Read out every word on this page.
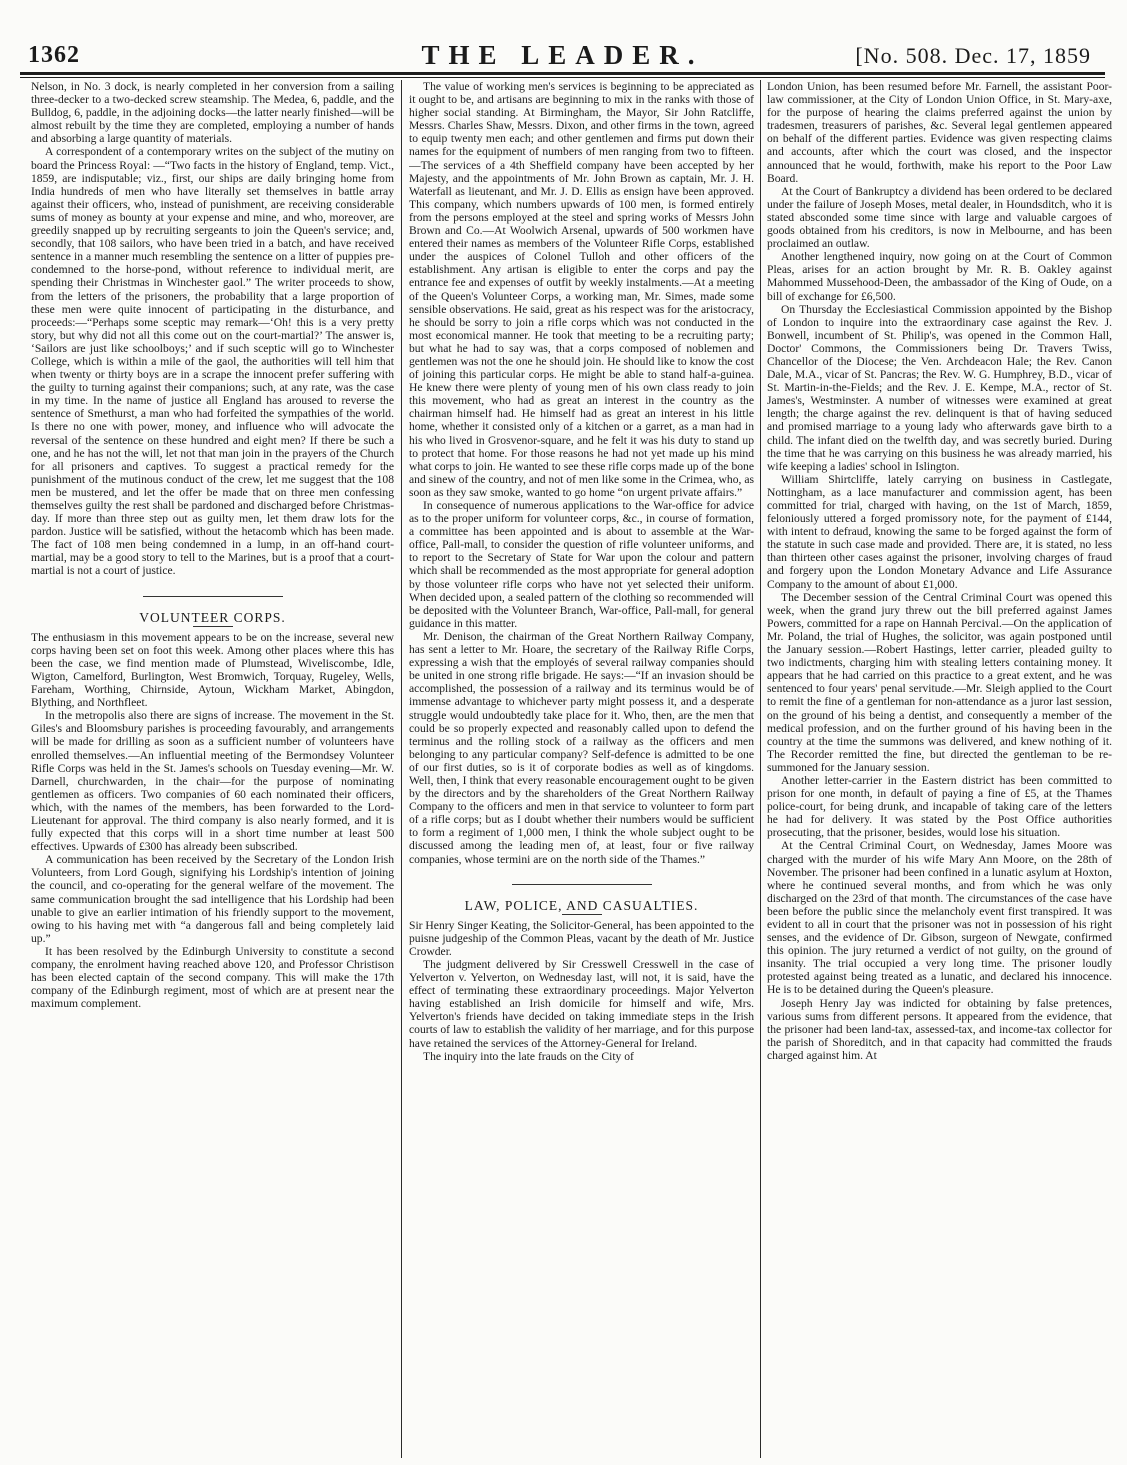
1362	THE LEADER.	[No. 508. Dec. 17, 1859

Nelson, in No. 3 dock, is nearly completed in her conversion from a sailing three-decker to a two-decked screw steamship. The Medea, 6, paddle, and the Bulldog, 6, paddle, in the adjoining docks—the latter nearly finished—will be almost rebuilt by the time they are completed, employing a number of hands and absorbing a large quantity of materials.

A correspondent of a contemporary writes on the subject of the mutiny on board the Princess Royal: —“Two facts in the history of England, temp. Vict., 1859, are indisputable; viz., first, our ships are daily bringing home from India hundreds of men who have literally set themselves in battle array against their officers, who, instead of punishment, are receiving considerable sums of money as bounty at your expense and mine, and who, moreover, are greedily snapped up by recruiting sergeants to join the Queen's service; and, secondly, that 108 sailors, who have been tried in a batch, and have received sentence in a manner much resembling the sentence on a litter of puppies pre-condemned to the horse-pond, without reference to individual merit, are spending their Christmas in Winchester gaol.” The writer proceeds to show, from the letters of the prisoners, the probability that a large proportion of these men were quite innocent of participating in the disturbance, and proceeds:—“Perhaps some sceptic may remark—‘Oh! this is a very pretty story, but why did not all this come out on the court-martial?’ The answer is, ‘Sailors are just like schoolboys;’ and if such sceptic will go to Winchester College, which is within a mile of the gaol, the authorities will tell him that when twenty or thirty boys are in a scrape the innocent prefer suffering with the guilty to turning against their companions; such, at any rate, was the case in my time. In the name of justice all England has aroused to reverse the sentence of Smethurst, a man who had forfeited the sympathies of the world. Is there no one with power, money, and influence who will advocate the reversal of the sentence on these hundred and eight men? If there be such a one, and he has not the will, let not that man join in the prayers of the Church for all prisoners and captives. To suggest a practical remedy for the punishment of the mutinous conduct of the crew, let me suggest that the 108 men be mustered, and let the offer be made that on three men confessing themselves guilty the rest shall be pardoned and discharged before Christmas-day. If more than three step out as guilty men, let them draw lots for the pardon. Justice will be satisfied, without the hetacomb which has been made. The fact of 108 men being condemned in a lump, in an off-hand court-martial, may be a good story to tell to the Marines, but is a proof that a court-martial is not a court of justice.

VOLUNTEER CORPS.

The enthusiasm in this movement appears to be on the increase, several new corps having been set on foot this week. Among other places where this has been the case, we find mention made of Plumstead, Wiveliscombe, Idle, Wigton, Camelford, Burlington, West Bromwich, Torquay, Rugeley, Wells, Fareham, Worthing, Chirnside, Aytoun, Wickham Market, Abingdon, Blything, and Northfleet.

In the metropolis also there are signs of increase. The movement in the St. Giles's and Bloomsbury parishes is proceeding favourably, and arrangements will be made for drilling as soon as a sufficient number of volunteers have enrolled themselves.—An influential meeting of the Bermondsey Volunteer Rifle Corps was held in the St. James's schools on Tuesday evening—Mr. W. Darnell, churchwarden, in the chair—for the purpose of nominating gentlemen as officers. Two companies of 60 each nominated their officers, which, with the names of the members, has been forwarded to the Lord-Lieutenant for approval. The third company is also nearly formed, and it is fully expected that this corps will in a short time number at least 500 effectives. Upwards of £300 has already been subscribed.

A communication has been received by the Secretary of the London Irish Volunteers, from Lord Gough, signifying his Lordship's intention of joining the council, and co-operating for the general welfare of the movement. The same communication brought the sad intelligence that his Lordship had been unable to give an earlier intimation of his friendly support to the movement, owing to his having met with “a dangerous fall and being completely laid up.”

It has been resolved by the Edinburgh University to constitute a second company, the enrolment having reached above 120, and Professor Christison has been elected captain of the second company. This will make the 17th company of the Edinburgh regiment, most of which are at present near the maximum complement.

The value of working men's services is beginning to be appreciated as it ought to be, and artisans are beginning to mix in the ranks with those of higher social standing. At Birmingham, the Mayor, Sir John Ratcliffe, Messrs. Charles Shaw, Messrs. Dixon, and other firms in the town, agreed to equip twenty men each; and other gentlemen and firms put down their names for the equipment of numbers of men ranging from two to fifteen.—The services of a 4th Sheffield company have been accepted by her Majesty, and the appointments of Mr. John Brown as captain, Mr. J. H. Waterfall as lieutenant, and Mr. J. D. Ellis as ensign have been approved. This company, which numbers upwards of 100 men, is formed entirely from the persons employed at the steel and spring works of Messrs John Brown and Co.—At Woolwich Arsenal, upwards of 500 workmen have entered their names as members of the Volunteer Rifle Corps, established under the auspices of Colonel Tulloh and other officers of the establishment. Any artisan is eligible to enter the corps and pay the entrance fee and expenses of outfit by weekly instalments.—At a meeting of the Queen's Volunteer Corps, a working man, Mr. Simes, made some sensible observations. He said, great as his respect was for the aristocracy, he should be sorry to join a rifle corps which was not conducted in the most economical manner. He took that meeting to be a recruiting party; but what he had to say was, that a corps composed of noblemen and gentlemen was not the one he should join. He should like to know the cost of joining this particular corps. He might be able to stand half-a-guinea. He knew there were plenty of young men of his own class ready to join this movement, who had as great an interest in the country as the chairman himself had. He himself had as great an interest in his little home, whether it consisted only of a kitchen or a garret, as a man had in his who lived in Grosvenor-square, and he felt it was his duty to stand up to protect that home. For those reasons he had not yet made up his mind what corps to join. He wanted to see these rifle corps made up of the bone and sinew of the country, and not of men like some in the Crimea, who, as soon as they saw smoke, wanted to go home “on urgent private affairs.”

In consequence of numerous applications to the War-office for advice as to the proper uniform for volunteer corps, &c., in course of formation, a committee has been appointed and is about to assemble at the War-office, Pall-mall, to consider the question of rifle volunteer uniforms, and to report to the Secretary of State for War upon the colour and pattern which shall be recommended as the most appropriate for general adoption by those volunteer rifle corps who have not yet selected their uniform. When decided upon, a sealed pattern of the clothing so recommended will be deposited with the Volunteer Branch, War-office, Pall-mall, for general guidance in this matter.

Mr. Denison, the chairman of the Great Northern Railway Company, has sent a letter to Mr. Hoare, the secretary of the Railway Rifle Corps, expressing a wish that the employés of several railway companies should be united in one strong rifle brigade. He says:—“If an invasion should be accomplished, the possession of a railway and its terminus would be of immense advantage to whichever party might possess it, and a desperate struggle would undoubtedly take place for it. Who, then, are the men that could be so properly expected and reasonably called upon to defend the terminus and the rolling stock of a railway as the officers and men belonging to any particular company? Self-defence is admitted to be one of our first duties, so is it of corporate bodies as well as of kingdoms. Well, then, I think that every reasonable encouragement ought to be given by the directors and by the shareholders of the Great Northern Railway Company to the officers and men in that service to volunteer to form part of a rifle corps; but as I doubt whether their numbers would be sufficient to form a regiment of 1,000 men, I think the whole subject ought to be discussed among the leading men of, at least, four or five railway companies, whose termini are on the north side of the Thames.”

LAW, POLICE, AND CASUALTIES.

Sir Henry Singer Keating, the Solicitor-General, has been appointed to the puisne judgeship of the Common Pleas, vacant by the death of Mr. Justice Crowder.

The judgment delivered by Sir Cresswell Cresswell in the case of Yelverton v. Yelverton, on Wednesday last, will not, it is said, have the effect of terminating these extraordinary proceedings. Major Yelverton having established an Irish domicile for himself and wife, Mrs. Yelverton's friends have decided on taking immediate steps in the Irish courts of law to establish the validity of her marriage, and for this purpose have retained the services of the Attorney-General for Ireland.

The inquiry into the late frauds on the City of

London Union, has been resumed before Mr. Farnell, the assistant Poor-law commissioner, at the City of London Union Office, in St. Mary-axe, for the purpose of hearing the claims preferred against the union by tradesmen, treasurers of parishes, &c. Several legal gentlemen appeared on behalf of the different parties. Evidence was given respecting claims and accounts, after which the court was closed, and the inspector announced that he would, forthwith, make his report to the Poor Law Board.

At the Court of Bankruptcy a dividend has been ordered to be declared under the failure of Joseph Moses, metal dealer, in Houndsditch, who it is stated absconded some time since with large and valuable cargoes of goods obtained from his creditors, is now in Melbourne, and has been proclaimed an outlaw.

Another lengthened inquiry, now going on at the Court of Common Pleas, arises for an action brought by Mr. R. B. Oakley against Mahommed Mussehood-Deen, the ambassador of the King of Oude, on a bill of exchange for £6,500.

On Thursday the Ecclesiastical Commission appointed by the Bishop of London to inquire into the extraordinary case against the Rev. J. Bonwell, incumbent of St. Philip's, was opened in the Common Hall, Doctor' Commons, the Commissioners being Dr. Travers Twiss, Chancellor of the Diocese; the Ven. Archdeacon Hale; the Rev. Canon Dale, M.A., vicar of St. Pancras; the Rev. W. G. Humphrey, B.D., vicar of St. Martin-in-the-Fields; and the Rev. J. E. Kempe, M.A., rector of St. James's, Westminster. A number of witnesses were examined at great length; the charge against the rev. delinquent is that of having seduced and promised marriage to a young lady who afterwards gave birth to a child. The infant died on the twelfth day, and was secretly buried. During the time that he was carrying on this business he was already married, his wife keeping a ladies' school in Islington.

William Shirtcliffe, lately carrying on business in Castlegate, Nottingham, as a lace manufacturer and commission agent, has been committed for trial, charged with having, on the 1st of March, 1859, feloniously uttered a forged promissory note, for the payment of £144, with intent to defraud, knowing the same to be forged against the form of the statute in such case made and provided. There are, it is stated, no less than thirteen other cases against the prisoner, involving charges of fraud and forgery upon the London Monetary Advance and Life Assurance Company to the amount of about £1,000.

The December session of the Central Criminal Court was opened this week, when the grand jury threw out the bill preferred against James Powers, committed for a rape on Hannah Percival.—On the application of Mr. Poland, the trial of Hughes, the solicitor, was again postponed until the January session.—Robert Hastings, letter carrier, pleaded guilty to two indictments, charging him with stealing letters containing money. It appears that he had carried on this practice to a great extent, and he was sentenced to four years' penal servitude.—Mr. Sleigh applied to the Court to remit the fine of a gentleman for non-attendance as a juror last session, on the ground of his being a dentist, and consequently a member of the medical profession, and on the further ground of his having been in the country at the time the summons was delivered, and knew nothing of it. The Recorder remitted the fine, but directed the gentleman to be re-summoned for the January session.

Another letter-carrier in the Eastern district has been committed to prison for one month, in default of paying a fine of £5, at the Thames police-court, for being drunk, and incapable of taking care of the letters he had for delivery. It was stated by the Post Office authorities prosecuting, that the prisoner, besides, would lose his situation.

At the Central Criminal Court, on Wednesday, James Moore was charged with the murder of his wife Mary Ann Moore, on the 28th of November. The prisoner had been confined in a lunatic asylum at Hoxton, where he continued several months, and from which he was only discharged on the 23rd of that month. The circumstances of the case have been before the public since the melancholy event first transpired. It was evident to all in court that the prisoner was not in possession of his right senses, and the evidence of Dr. Gibson, surgeon of Newgate, confirmed this opinion. The jury returned a verdict of not guilty, on the ground of insanity. The trial occupied a very long time. The prisoner loudly protested against being treated as a lunatic, and declared his innocence. He is to be detained during the Queen's pleasure.

Joseph Henry Jay was indicted for obtaining by false pretences, various sums from different persons. It appeared from the evidence, that the prisoner had been land-tax, assessed-tax, and income-tax collector for the parish of Shoreditch, and in that capacity had committed the frauds charged against him. At
